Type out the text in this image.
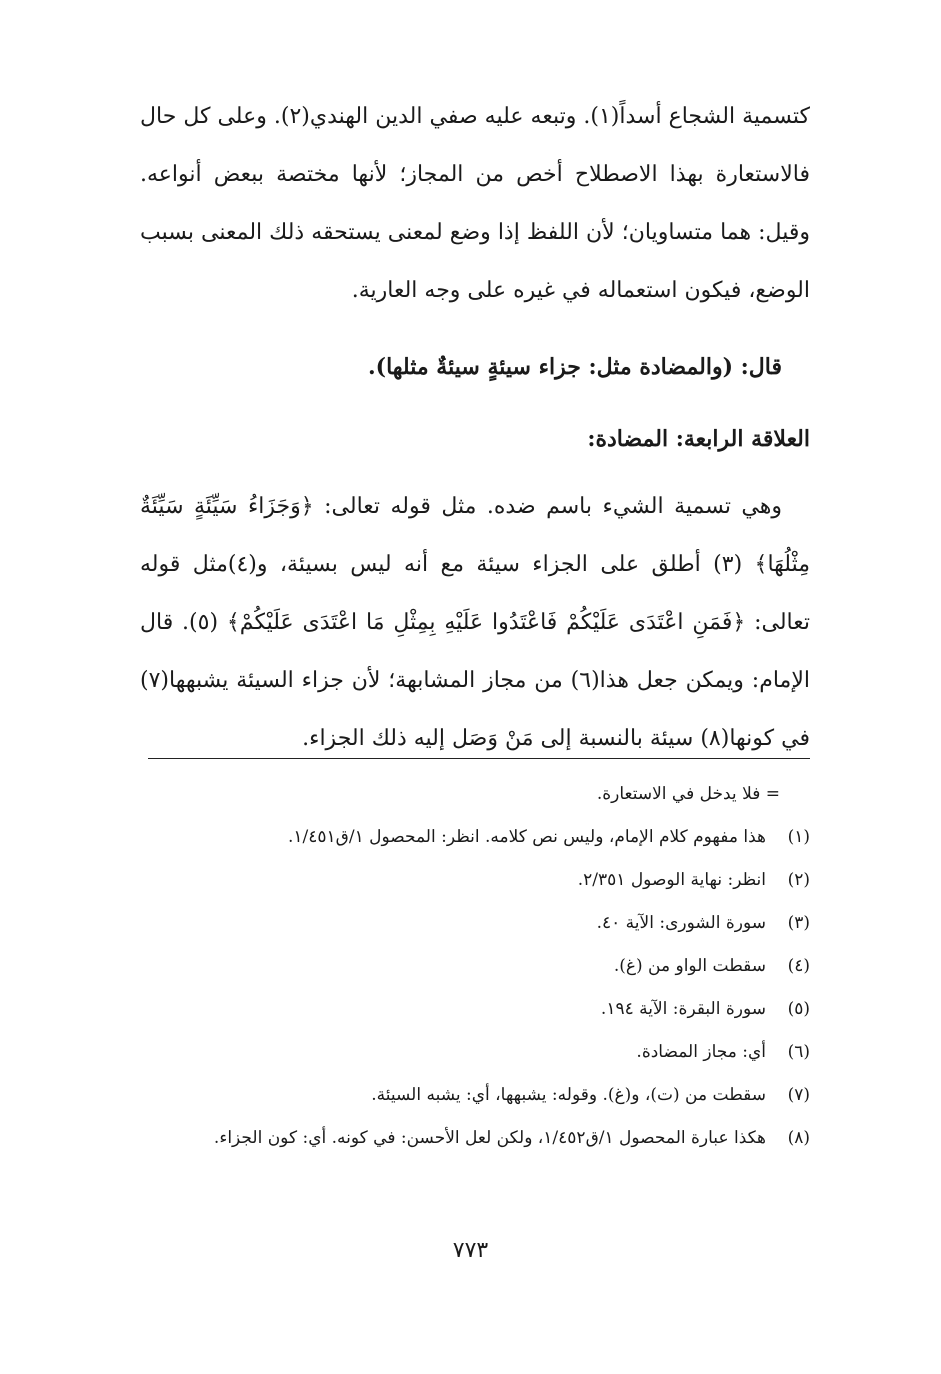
كتسمية الشجاع أسداً(١). وتبعه عليه صفي الدين الهندي(٢). وعلى كل حال فالاستعارة بهذا الاصطلاح أخص من المجاز؛ لأنها مختصة ببعض أنواعه. وقيل: هما متساويان؛ لأن اللفظ إذا وضع لمعنى يستحقه ذلك المعنى بسبب الوضع، فيكون استعماله في غيره على وجه العارية.

قال: (والمضادة مثل: جزاء سيئةٍ سيئةٌ مثلها).

العلاقة الرابعة: المضادة:

وهي تسمية الشيء باسم ضده. مثل قوله تعالى: ﴿وَجَزَاءُ سَيِّئَةٍ سَيِّئَةٌ مِثْلُهَا﴾ (٣) أطلق على الجزاء سيئة مع أنه ليس بسيئة، و(٤)مثل قوله تعالى: ﴿فَمَنِ اعْتَدَى عَلَيْكُمْ فَاعْتَدُوا عَلَيْهِ بِمِثْلِ مَا اعْتَدَى عَلَيْكُمْ﴾ (٥). قال الإمام: ويمكن جعل هذا(٦) من مجاز المشابهة؛ لأن جزاء السيئة يشبهها(٧) في كونها(٨) سيئة بالنسبة إلى مَنْ وَصَل إليه ذلك الجزاء.

= فلا يدخل في الاستعارة.
(١)
هذا مفهوم كلام الإمام، وليس نص كلامه. انظر: المحصول ١/ق١/٤٥١.
(٢)
انظر: نهاية الوصول ٢/٣٥١.
(٣)
سورة الشورى: الآية ٤٠.
(٤)
سقطت الواو من (غ).
(٥)
سورة البقرة: الآية ١٩٤.
(٦)
أي: مجاز المضادة.
(٧)
سقطت من (ت)، و(غ). وقوله: يشبهها، أي: يشبه السيئة.
(٨)
هكذا عبارة المحصول ١/ق١/٤٥٢، ولكن لعل الأحسن: في كونه. أي: كون الجزاء.
٧٧٣
